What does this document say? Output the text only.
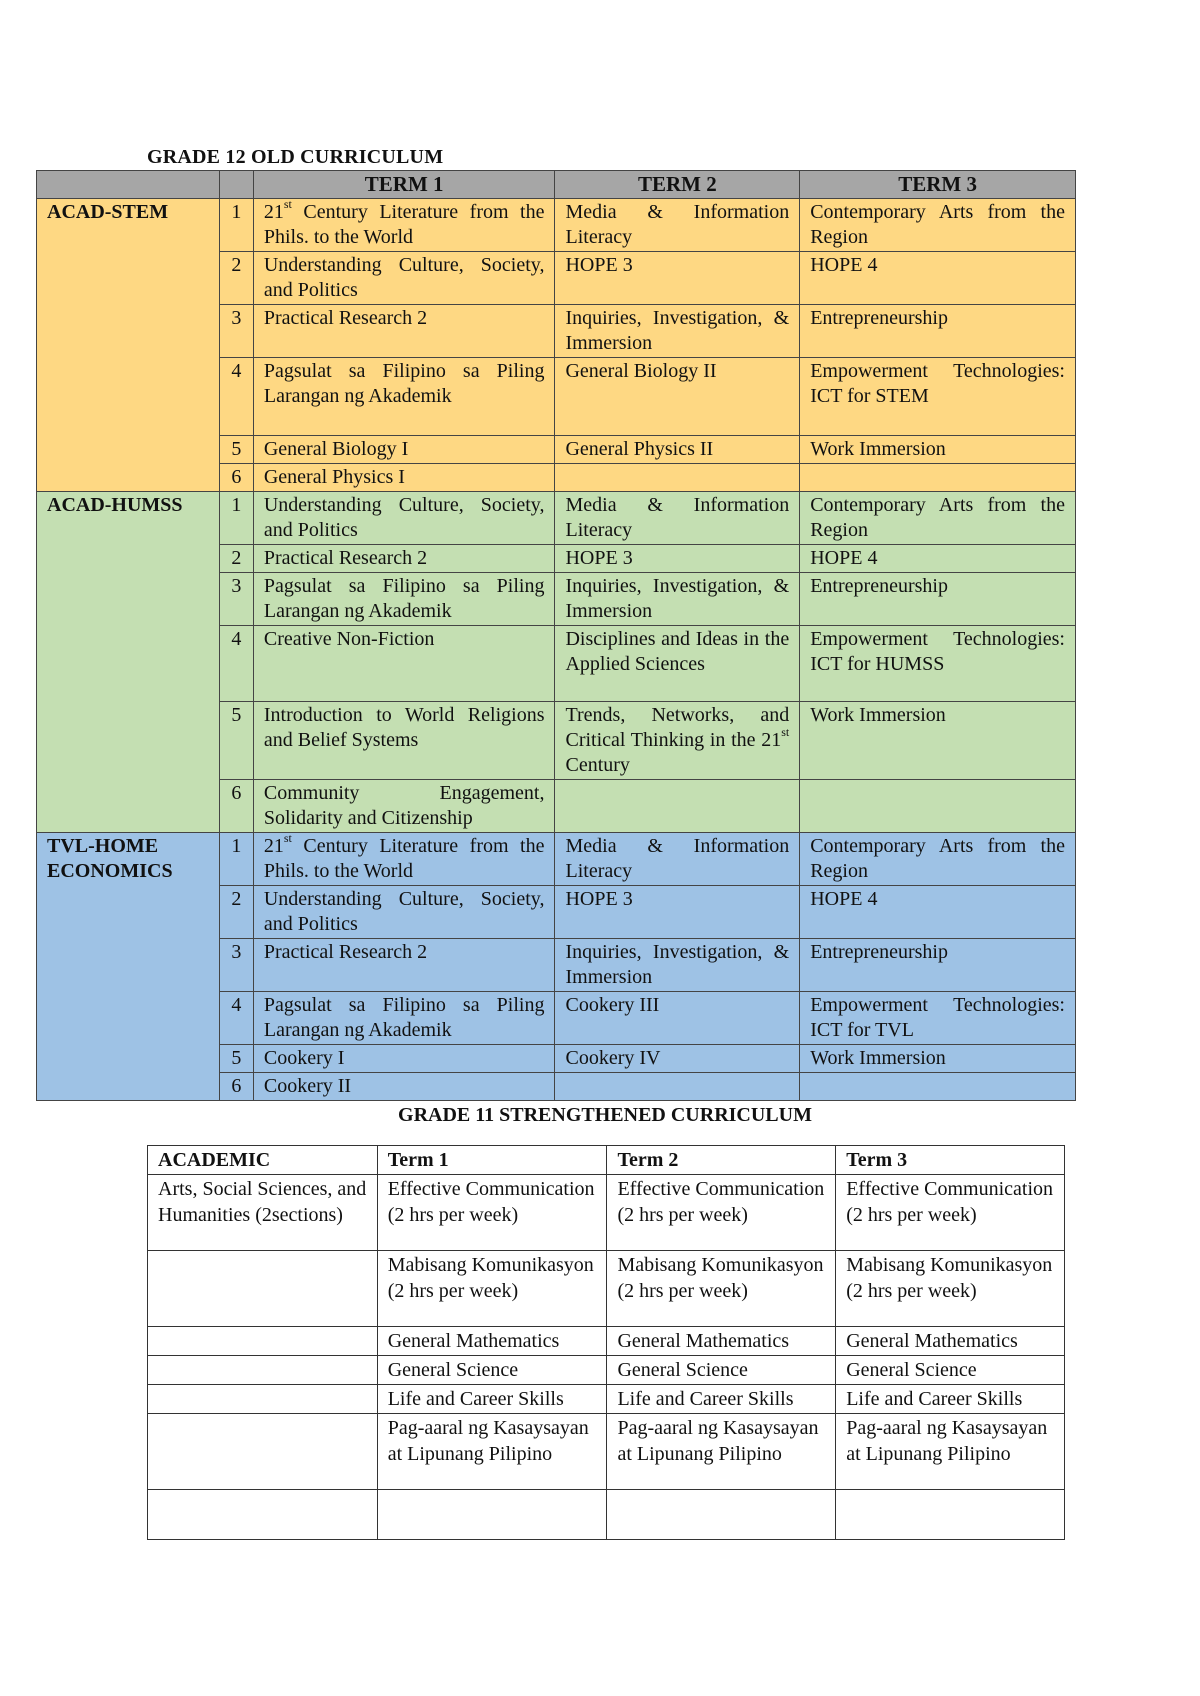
GRADE 12 OLD CURRICULUM
		TERM 1	TERM 2	TERM 3
ACAD-STEM	1	21st Century Literature from the Phils. to the World	Media & Information Literacy	Contemporary Arts from the Region
	2	Understanding Culture, Society, and Politics	HOPE 3	HOPE 4
	3	Practical Research 2	Inquiries, Investigation, & Immersion	Entrepreneurship
	4	Pagsulat sa Filipino sa Piling Larangan ng Akademik	General Biology II	Empowerment Technologies: ICT for STEM
	5	General Biology I	General Physics II	Work Immersion
	6	General Physics I		
ACAD-HUMSS	1	Understanding Culture, Society, and Politics	Media & Information Literacy	Contemporary Arts from the Region
	2	Practical Research 2	HOPE 3	HOPE 4
	3	Pagsulat sa Filipino sa Piling Larangan ng Akademik	Inquiries, Investigation, & Immersion	Entrepreneurship
	4	Creative Non-Fiction	Disciplines and Ideas in the Applied Sciences	Empowerment Technologies: ICT for HUMSS
	5	Introduction to World Religions and Belief Systems	Trends, Networks, and Critical Thinking in the 21st Century	Work Immersion
	6	Community Engagement, Solidarity and Citizenship		
TVL-HOME ECONOMICS	1	21st Century Literature from the Phils. to the World	Media & Information Literacy	Contemporary Arts from the Region
	2	Understanding Culture, Society, and Politics	HOPE 3	HOPE 4
	3	Practical Research 2	Inquiries, Investigation, & Immersion	Entrepreneurship
	4	Pagsulat sa Filipino sa Piling Larangan ng Akademik	Cookery III	Empowerment Technologies: ICT for TVL
	5	Cookery I	Cookery IV	Work Immersion
	6	Cookery II		
GRADE 11 STRENGTHENED CURRICULUM
ACADEMIC	Term 1	Term 2	Term 3
Arts, Social Sciences, and Humanities (2sections)	Effective Communication (2 hrs per week)	Effective Communication (2 hrs per week)	Effective Communication (2 hrs per week)
	Mabisang Komunikasyon (2 hrs per week)	Mabisang Komunikasyon (2 hrs per week)	Mabisang Komunikasyon (2 hrs per week)
	General Mathematics	General Mathematics	General Mathematics
	General Science	General Science	General Science
	Life and Career Skills	Life and Career Skills	Life and Career Skills
	Pag-aaral ng Kasaysayan at Lipunang Pilipino	Pag-aaral ng Kasaysayan at Lipunang Pilipino	Pag-aaral ng Kasaysayan at Lipunang Pilipino
